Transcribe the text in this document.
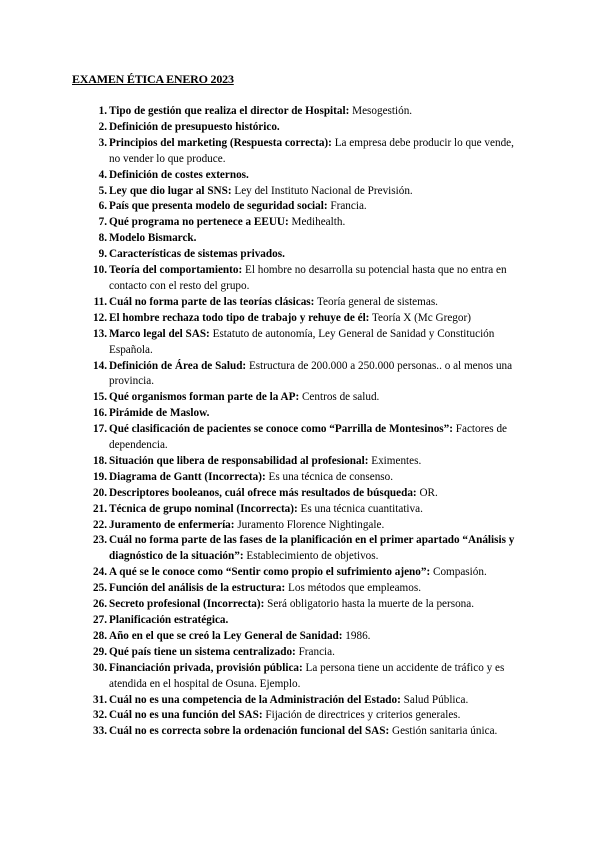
EXAMEN ÉTICA ENERO 2023
1. Tipo de gestión que realiza el director de Hospital: Mesogestión.
2. Definición de presupuesto histórico.
3. Principios del marketing (Respuesta correcta): La empresa debe producir lo que vende, no vender lo que produce.
4. Definición de costes externos.
5. Ley que dio lugar al SNS: Ley del Instituto Nacional de Previsión.
6. País que presenta modelo de seguridad social: Francia.
7. Qué programa no pertenece a EEUU: Medihealth.
8. Modelo Bismarck.
9. Características de sistemas privados.
10. Teoría del comportamiento: El hombre no desarrolla su potencial hasta que no entra en contacto con el resto del grupo.
11. Cuál no forma parte de las teorías clásicas: Teoría general de sistemas.
12. El hombre rechaza todo tipo de trabajo y rehuye de él: Teoría X (Mc Gregor)
13. Marco legal del SAS: Estatuto de autonomía, Ley General de Sanidad y Constitución Española.
14. Definición de Área de Salud: Estructura de 200.000 a 250.000 personas.. o al menos una provincia.
15. Qué organismos forman parte de la AP: Centros de salud.
16. Pirámide de Maslow.
17. Qué clasificación de pacientes se conoce como “Parrilla de Montesinos”: Factores de dependencia.
18. Situación que libera de responsabilidad al profesional: Eximentes.
19. Diagrama de Gantt (Incorrecta): Es una técnica de consenso.
20. Descriptores booleanos, cuál ofrece más resultados de búsqueda: OR.
21. Técnica de grupo nominal (Incorrecta): Es una técnica cuantitativa.
22. Juramento de enfermería: Juramento Florence Nightingale.
23. Cuál no forma parte de las fases de la planificación en el primer apartado “Análisis y diagnóstico de la situación”: Establecimiento de objetivos.
24. A qué se le conoce como “Sentir como propio el sufrimiento ajeno”: Compasión.
25. Función del análisis de la estructura: Los métodos que empleamos.
26. Secreto profesional (Incorrecta): Será obligatorio hasta la muerte de la persona.
27. Planificación estratégica.
28. Año en el que se creó la Ley General de Sanidad: 1986.
29. Qué país tiene un sistema centralizado: Francia.
30. Financiación privada, provisión pública: La persona tiene un accidente de tráfico y es atendida en el hospital de Osuna. Ejemplo.
31. Cuál no es una competencia de la Administración del Estado: Salud Pública.
32. Cuál no es una función del SAS: Fijación de directrices y criterios generales.
33. Cuál no es correcta sobre la ordenación funcional del SAS: Gestión sanitaria única.
